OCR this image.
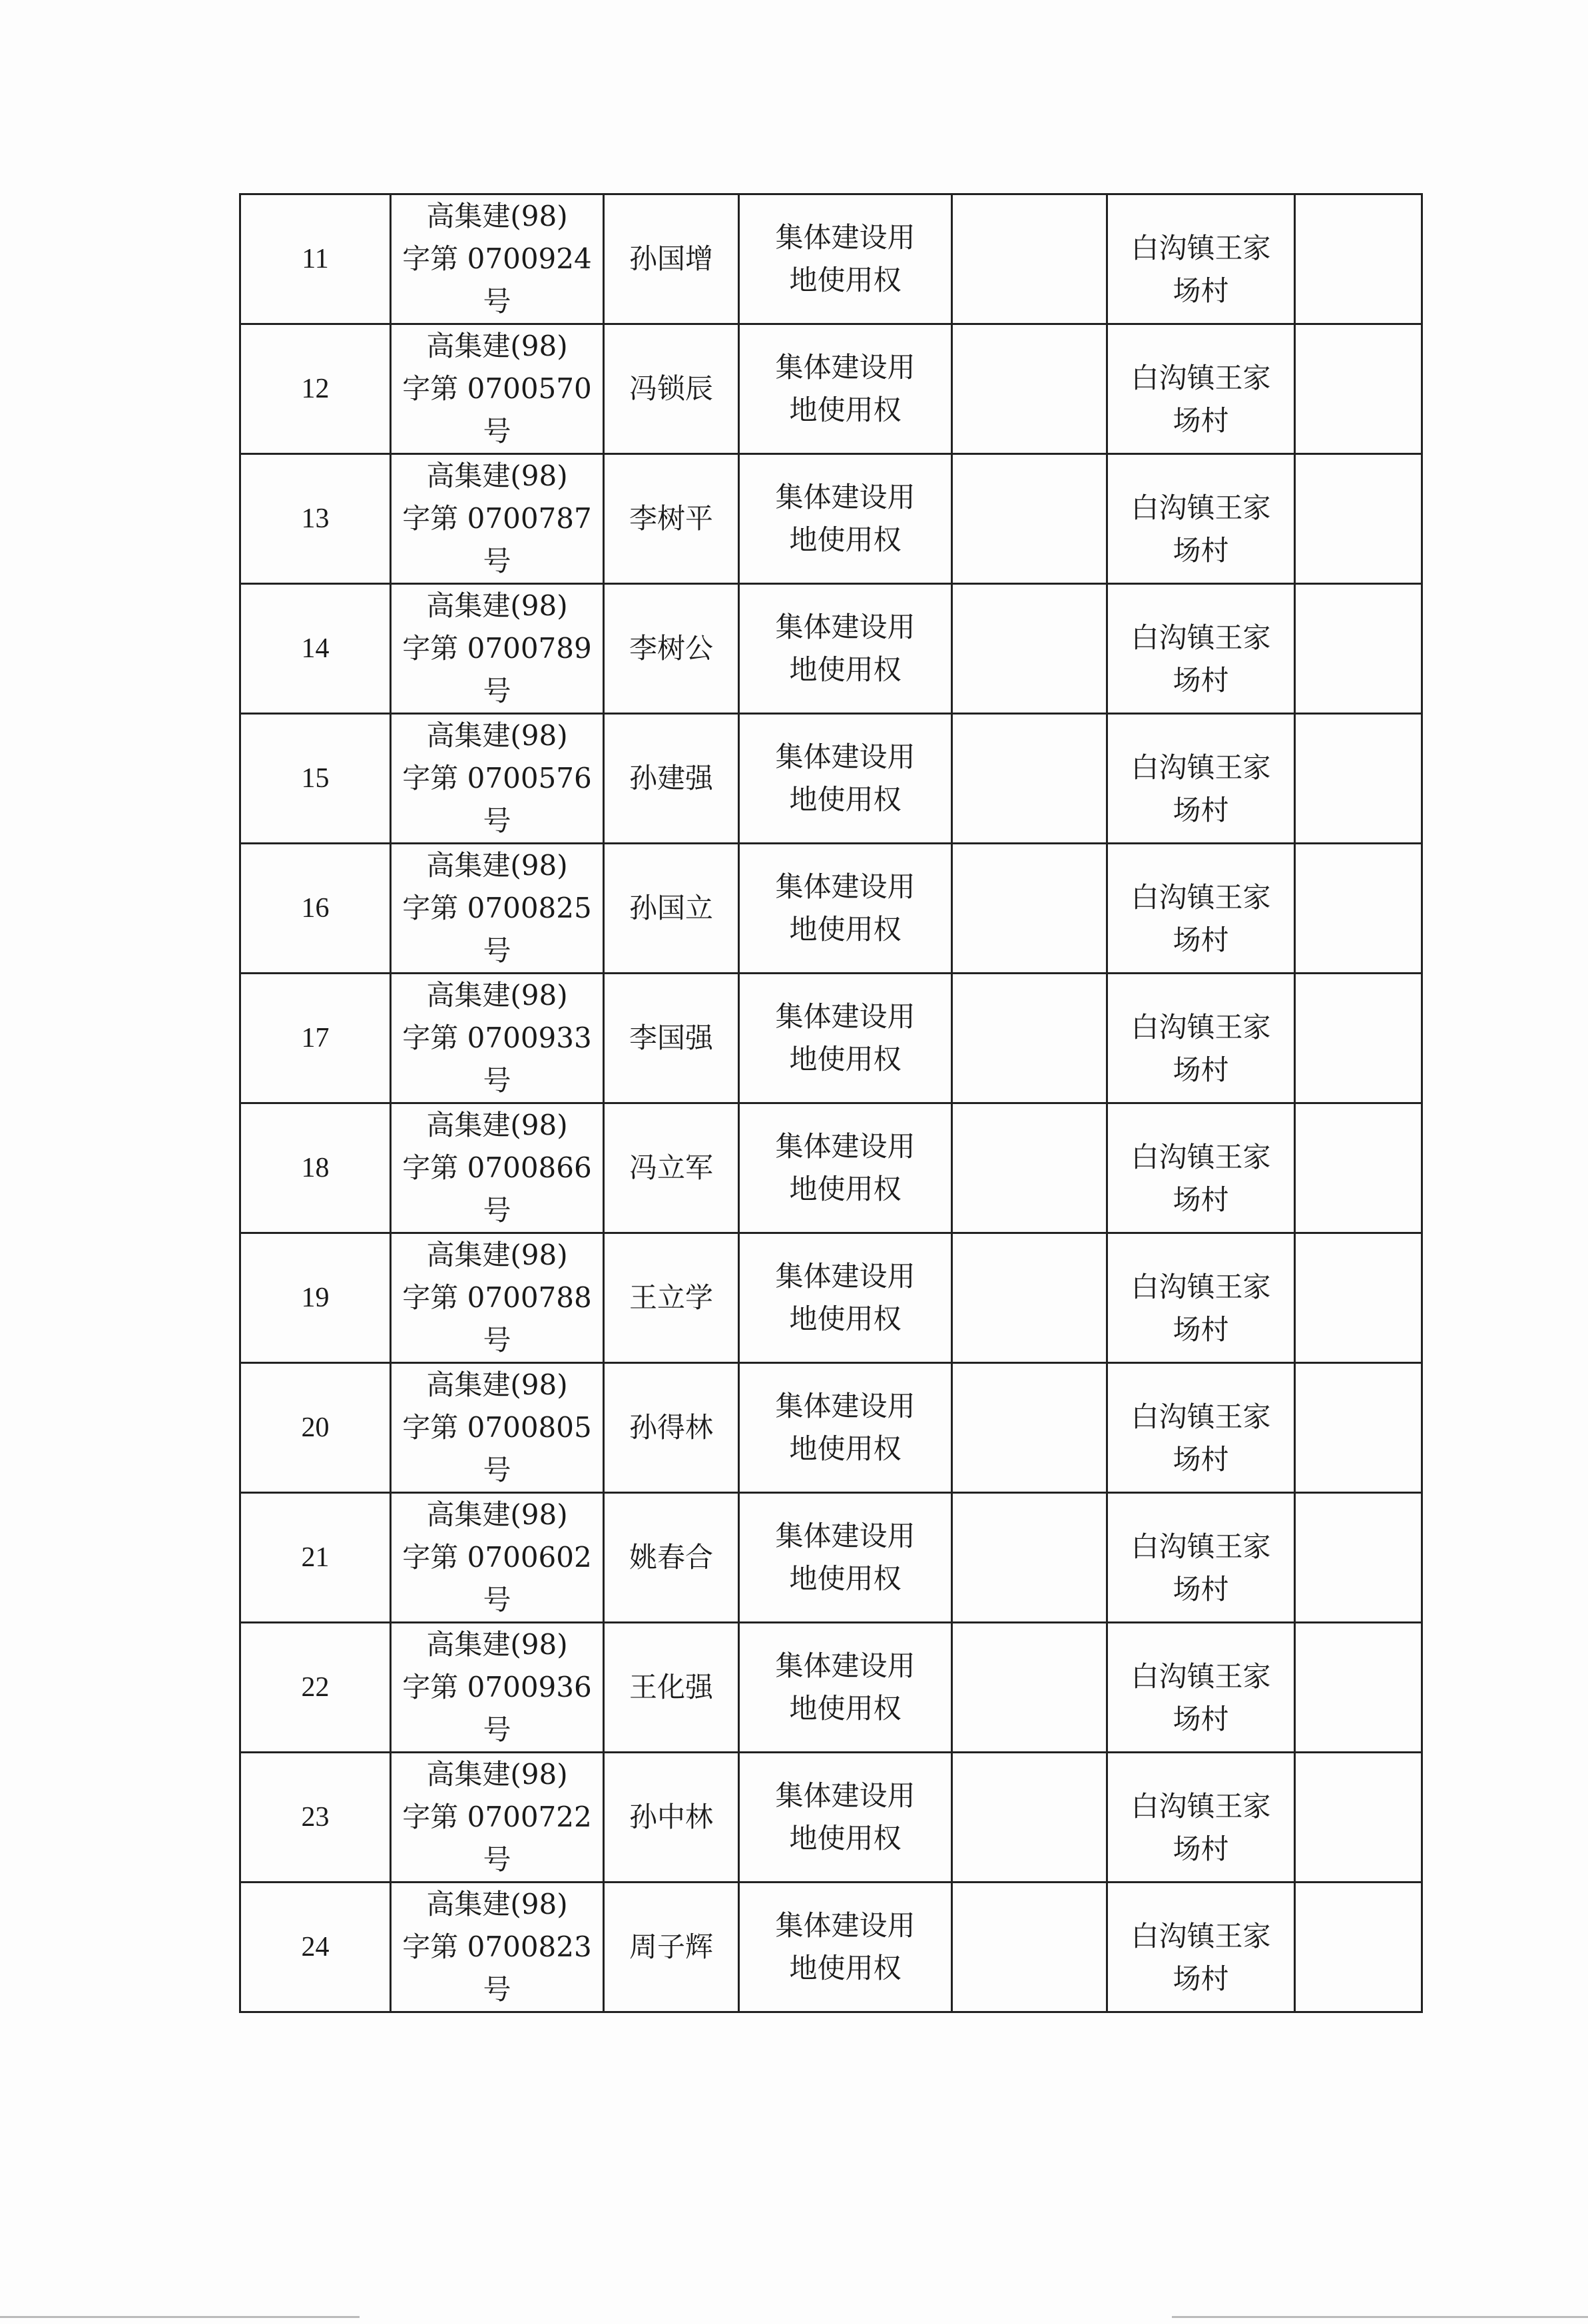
11	高集建(98)
字第 0700924
号	孙国增	集体建设用
地使用权		白沟镇王家
场村	

12	高集建(98)
字第 0700570
号	冯锁辰	集体建设用
地使用权		白沟镇王家
场村	

13	高集建(98)
字第 0700787
号	李树平	集体建设用
地使用权		白沟镇王家
场村	

14	高集建(98)
字第 0700789
号	李树公	集体建设用
地使用权		白沟镇王家
场村	

15	高集建(98)
字第 0700576
号	孙建强	集体建设用
地使用权		白沟镇王家
场村	

16	高集建(98)
字第 0700825
号	孙国立	集体建设用
地使用权		白沟镇王家
场村	

17	高集建(98)
字第 0700933
号	李国强	集体建设用
地使用权		白沟镇王家
场村	

18	高集建(98)
字第 0700866
号	冯立军	集体建设用
地使用权		白沟镇王家
场村	

19	高集建(98)
字第 0700788
号	王立学	集体建设用
地使用权		白沟镇王家
场村	

20	高集建(98)
字第 0700805
号	孙得林	集体建设用
地使用权		白沟镇王家
场村	

21	高集建(98)
字第 0700602
号	姚春合	集体建设用
地使用权		白沟镇王家
场村	

22	高集建(98)
字第 0700936
号	王化强	集体建设用
地使用权		白沟镇王家
场村	

23	高集建(98)
字第 0700722
号	孙中林	集体建设用
地使用权		白沟镇王家
场村	

24	高集建(98)
字第 0700823
号	周子辉	集体建设用
地使用权		白沟镇王家
场村	
